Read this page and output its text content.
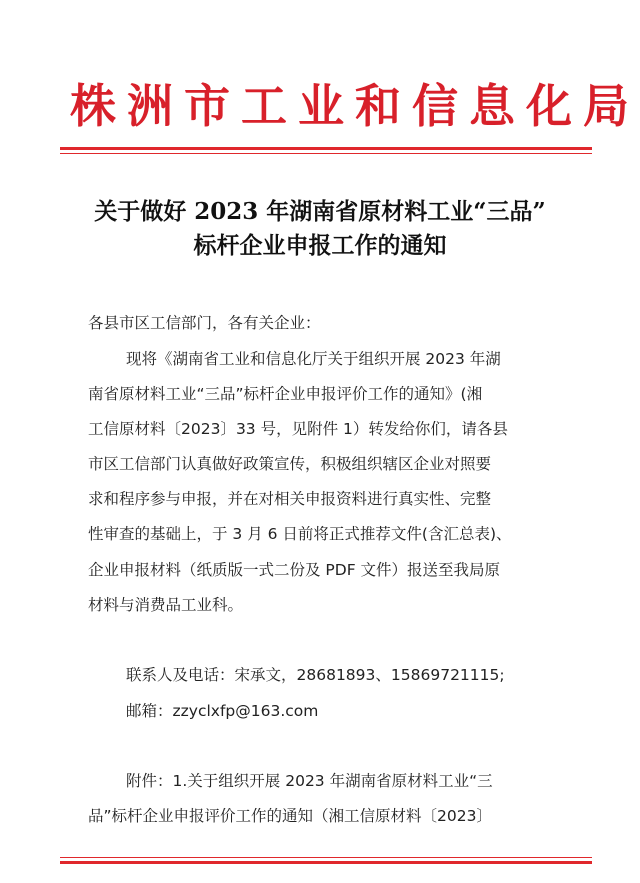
株洲市工业和信息化局
关于做好 2023 年湖南省原材料工业“三品”
标杆企业申报工作的通知
各县市区工信部门，各有关企业：
现将《湖南省工业和信息化厅关于组织开展 2023 年湖
南省原材料工业“三品”标杆企业申报评价工作的通知》(湘
工信原材料〔2023〕33 号，见附件 1）转发给你们，请各县
市区工信部门认真做好政策宣传，积极组织辖区企业对照要
求和程序参与申报，并在对相关申报资料进行真实性、完整
性审查的基础上，于 3 月 6 日前将正式推荐文件(含汇总表)、
企业申报材料（纸质版一式二份及 PDF 文件）报送至我局原
材料与消费品工业科。
联系人及电话：宋承文，28681893、15869721115;
邮箱：zzyclxfp@163.com
附件：1.关于组织开展 2023 年湖南省原材料工业“三
品”标杆企业申报评价工作的通知（湘工信原材料〔2023〕
